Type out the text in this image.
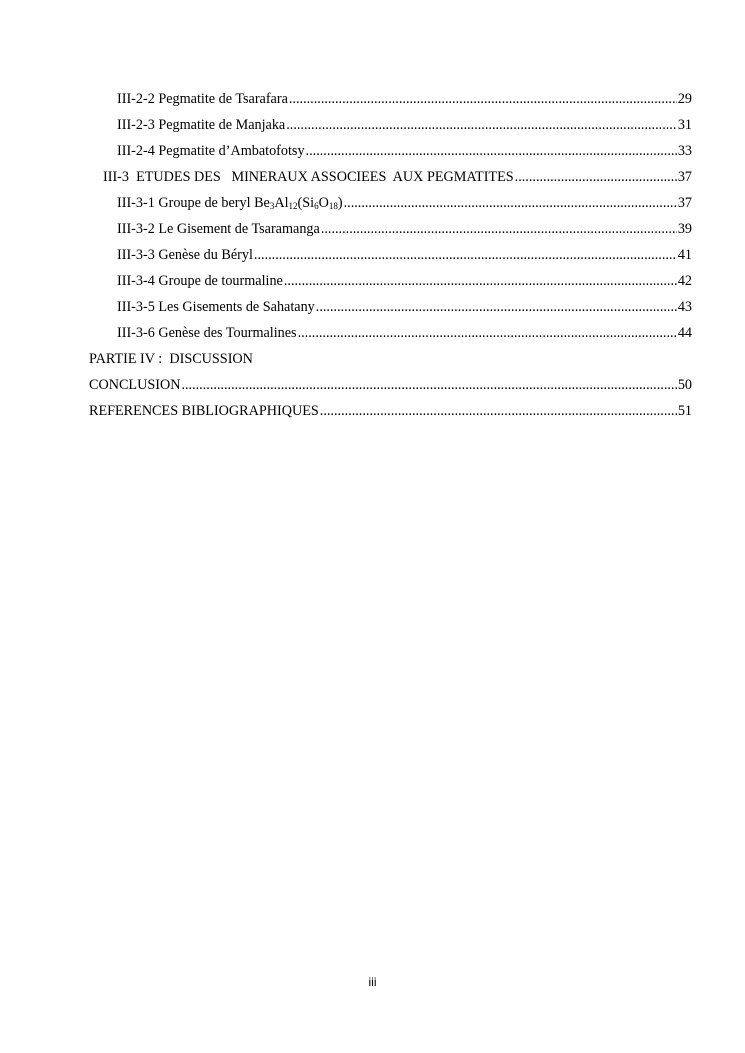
III-2-2 Pegmatite de Tsarafara .....	29
III-2-3 Pegmatite de Manjaka .....	31
III-2-4 Pegmatite d’Ambatofotsy .....	33
III-3  ETUDES DES   MINERAUX ASSOCIEES  AUX PEGMATITES .....	37
III-3-1 Groupe de beryl $Be_3Al_{12}(Si_6O_{18})$ .....	37
III-3-2 Le Gisement de Tsaramanga .....	39
III-3-3 Genèse du Béryl .....	41
III-3-4 Groupe de tourmaline .....	42
III-3-5 Les Gisements de Sahatany .....	43
III-3-6 Genèse des Tourmalines .....	44
PARTIE IV :  DISCUSSION
CONCLUSION .....	50
REFERENCES BIBLIOGRAPHIQUES .....	51
iii
